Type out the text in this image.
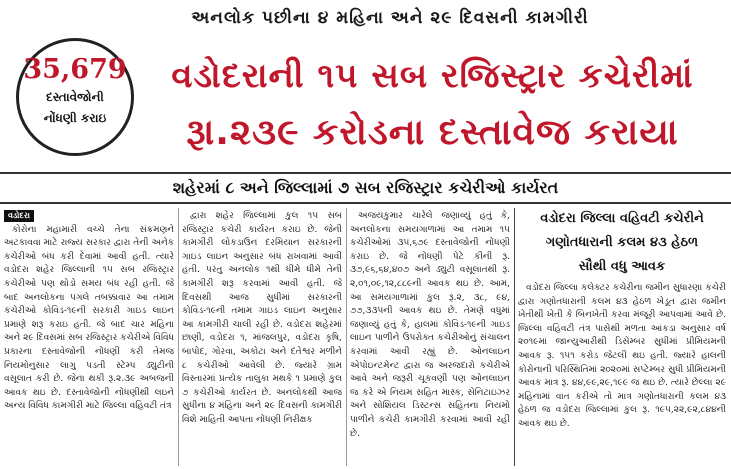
અનલોક પછીના ૪ મહિના અને ૨૯ દિવસની કામગીરી
35,679
દસ્તાવેજોની
નોંધણી કરાઇ
વડોદરાની ૧૫ સબ રજિસ્ટ્રાર કચેરીમાં
રૂા.૨૩૯ કરોડના દસ્તાવેજ કરાયા
શહેરમાં ૮ અને જિલ્લામાં ૭ સબ રજિસ્ટ્રાર કચેરીઓ કાર્યરત
વડોદરા

કોરોના મહામારી વચ્ચે તેના સંક્રમણને અટકાવવા માટે રાજ્ય સરકાર દ્વારા તેની અનેક કચેરીઓ બંધ કરી દેવામાં આવી હતી. ત્યારે વડોદરા શહેર જિલ્લાની ૧૫ સબ રજિસ્ટ્રાર કચેરીઓ પણ થોડો સમય બંધ રહી હતી. જે બાદ અનલોકના પગલે તબક્કાવાર આ તમામ કચેરીઓ કોવિડ-૧૯ની સરકારી ગાઇડ લાઇન પ્રમાણે શરૂ કરાઇ હતી. જે બાદ ચાર મહિના અને ૨૯ દિવસમાં સબ રજિસ્ટ્રાર કચેરીએ વિવિધ પ્રકારના દસ્તાવેજોની નોંધણી કરી તેમજ નિયમોનુસાર લાગુ પડતી સ્ટેમ્પ ડ્યુટીની વસૂલાત કરી છે. જેના થકી રૂ.૨.૩૯ અબજની આવક થઇ છે. દસ્તાવેજોની નોંધણીથી લઇને અન્ય વિવિધ કામગીરી માટે જિલ્લા વહિવટી તંત્ર

દ્વારા શહેર જિલ્લામાં કુલ ૧૫ સબ રજિસ્ટ્રાર કચેરી કાર્યરત કરાઇ છે. જેની કામગીરી લોકડાઉન દરમિયાન સરકારની ગાઇડ લાઇન અનુસાર બંધ રાખવામાં આવી હતી. પરંતુ અનલોક ૧થી ધીમે ધીમે તેની કામગીરી શરૂ કરવામાં આવી હતી. જે દિવસથી આજ સુધીમાં સરકારની કોવિડ-૧૯ની તમામ ગાઇડ લાઇન અનુસાર આ કામગીરી ચાલી રહી છે. વડોદરા શહેરમાં છાણી, વડોદરા ૧, માંજલપુર, વડોદરા કૃષિ, બાપોદ, ગોરવા, અકોટા અને દંતેશ્વર મળીને ૮ કચેરીઓ આવેલી છે. જ્યારે ગ્રામ વિસ્તારમાં પ્રત્યેક તાલુકા મથકે ૧ પ્રમાણે કુલ ૭ કચેરીઓ કાર્યરત છે. અનલોકથી આજ સુધીના ૪ મહિના અને ૨૯ દિવસની કામગીરી વિશે માહિતી આપતા નોંધણી નિરીક્ષક

અજયકુમાર ચારેલે જણાવ્યું હતું કે, અનલોકના સમયગાળામાં આ તમામ ૧૫ કચેરીઓમાં ૩૫,૬૭૯ દસ્તાવેજોની નોંધણી કરાઇ છે. જે નોંધણી પેટે કીની રૂ. ૩૭,૯૬,૬૪,૪૦૭ અને ડ્યુટી વસૂલાતથી રૂ. ૨,૦૧,૦૯,૧૨,૮૮૯ની આવક થઇ છે. આમ, આ સમયગાળામાં કુલ રૂ.૨, ૩૮, ૯૪, ૭૭,૩૩૫ની આવક થઇ છે. તેમણે વધુમાં જણાવ્યું હતું કે, હાલમાં કોવિડ-૧૯ની ગાઇડ લાઇન પાળીને ઉપરોક્ત કચેરીઓનું સંચાલન કરવામાં આવી રહ્યું છે. ઓનલાઇન એપોઇન્ટમેન્ટ દ્વારા જ અરજદારો કચેરીએ આવે અને જરૂરી ચૂકવણી પણ ઓનલાઇન જ કરે એ નિયમ સહિત માસ્ક, સેનિટાઇઝર અને સોશિયલ ડિસ્ટન્સ સહિતના નિયમો પાળીને કચેરી કામગીરી કરવામાં આવી રહી છે.

વડોદરા જિલ્લા વહિવટી કચેરીને
ગણોતધારાની કલમ ૪૩ હેઠળ
સૌથી વધુ આવક

વડોદરા જિલ્લા કલેક્ટર કચેરીના જમીન સુધારણા કચેરી દ્વારા ગણોતધારાની કલમ ૪૩ હેઠળ ખેડૂત દ્વારા જમીન ખેતીથી ખેતી કે બિનખેતી કરવા મંજૂરી આપવામાં આવે છે. જિલ્લા વહિવટી તંત્ર પાસેથી મળતા આંકડા અનુસાર વર્ષ ૨૦૧૯માં જાન્યુઆરીથી ડિસેમ્બર સુધીમાં પ્રીમિયમની આવક રૂ. ૧૫૧ કરોડ જેટલી થઇ હતી. જ્યારે હાલની કોરોનાની પરિસ્થિતિમાં ૨૦૨૦માં સપ્ટેમ્બર સુધી પ્રીમિયમની આવક માત્ર રૂ. ૪૪,૯૯,૨૯,૧૯૯ જ થઇ છે. ત્યારે છેલ્લા ૨૯ મહિનામાં વાત કરીએ તો માત્ર ગણોતધારાની કલમ ૪૩ હેઠળ જ વડોદરા જિલ્લામાં કુલ રૂ. ૧૯૫,૨૨,૯૨,૮૪૪ની આવક થઇ છે.
